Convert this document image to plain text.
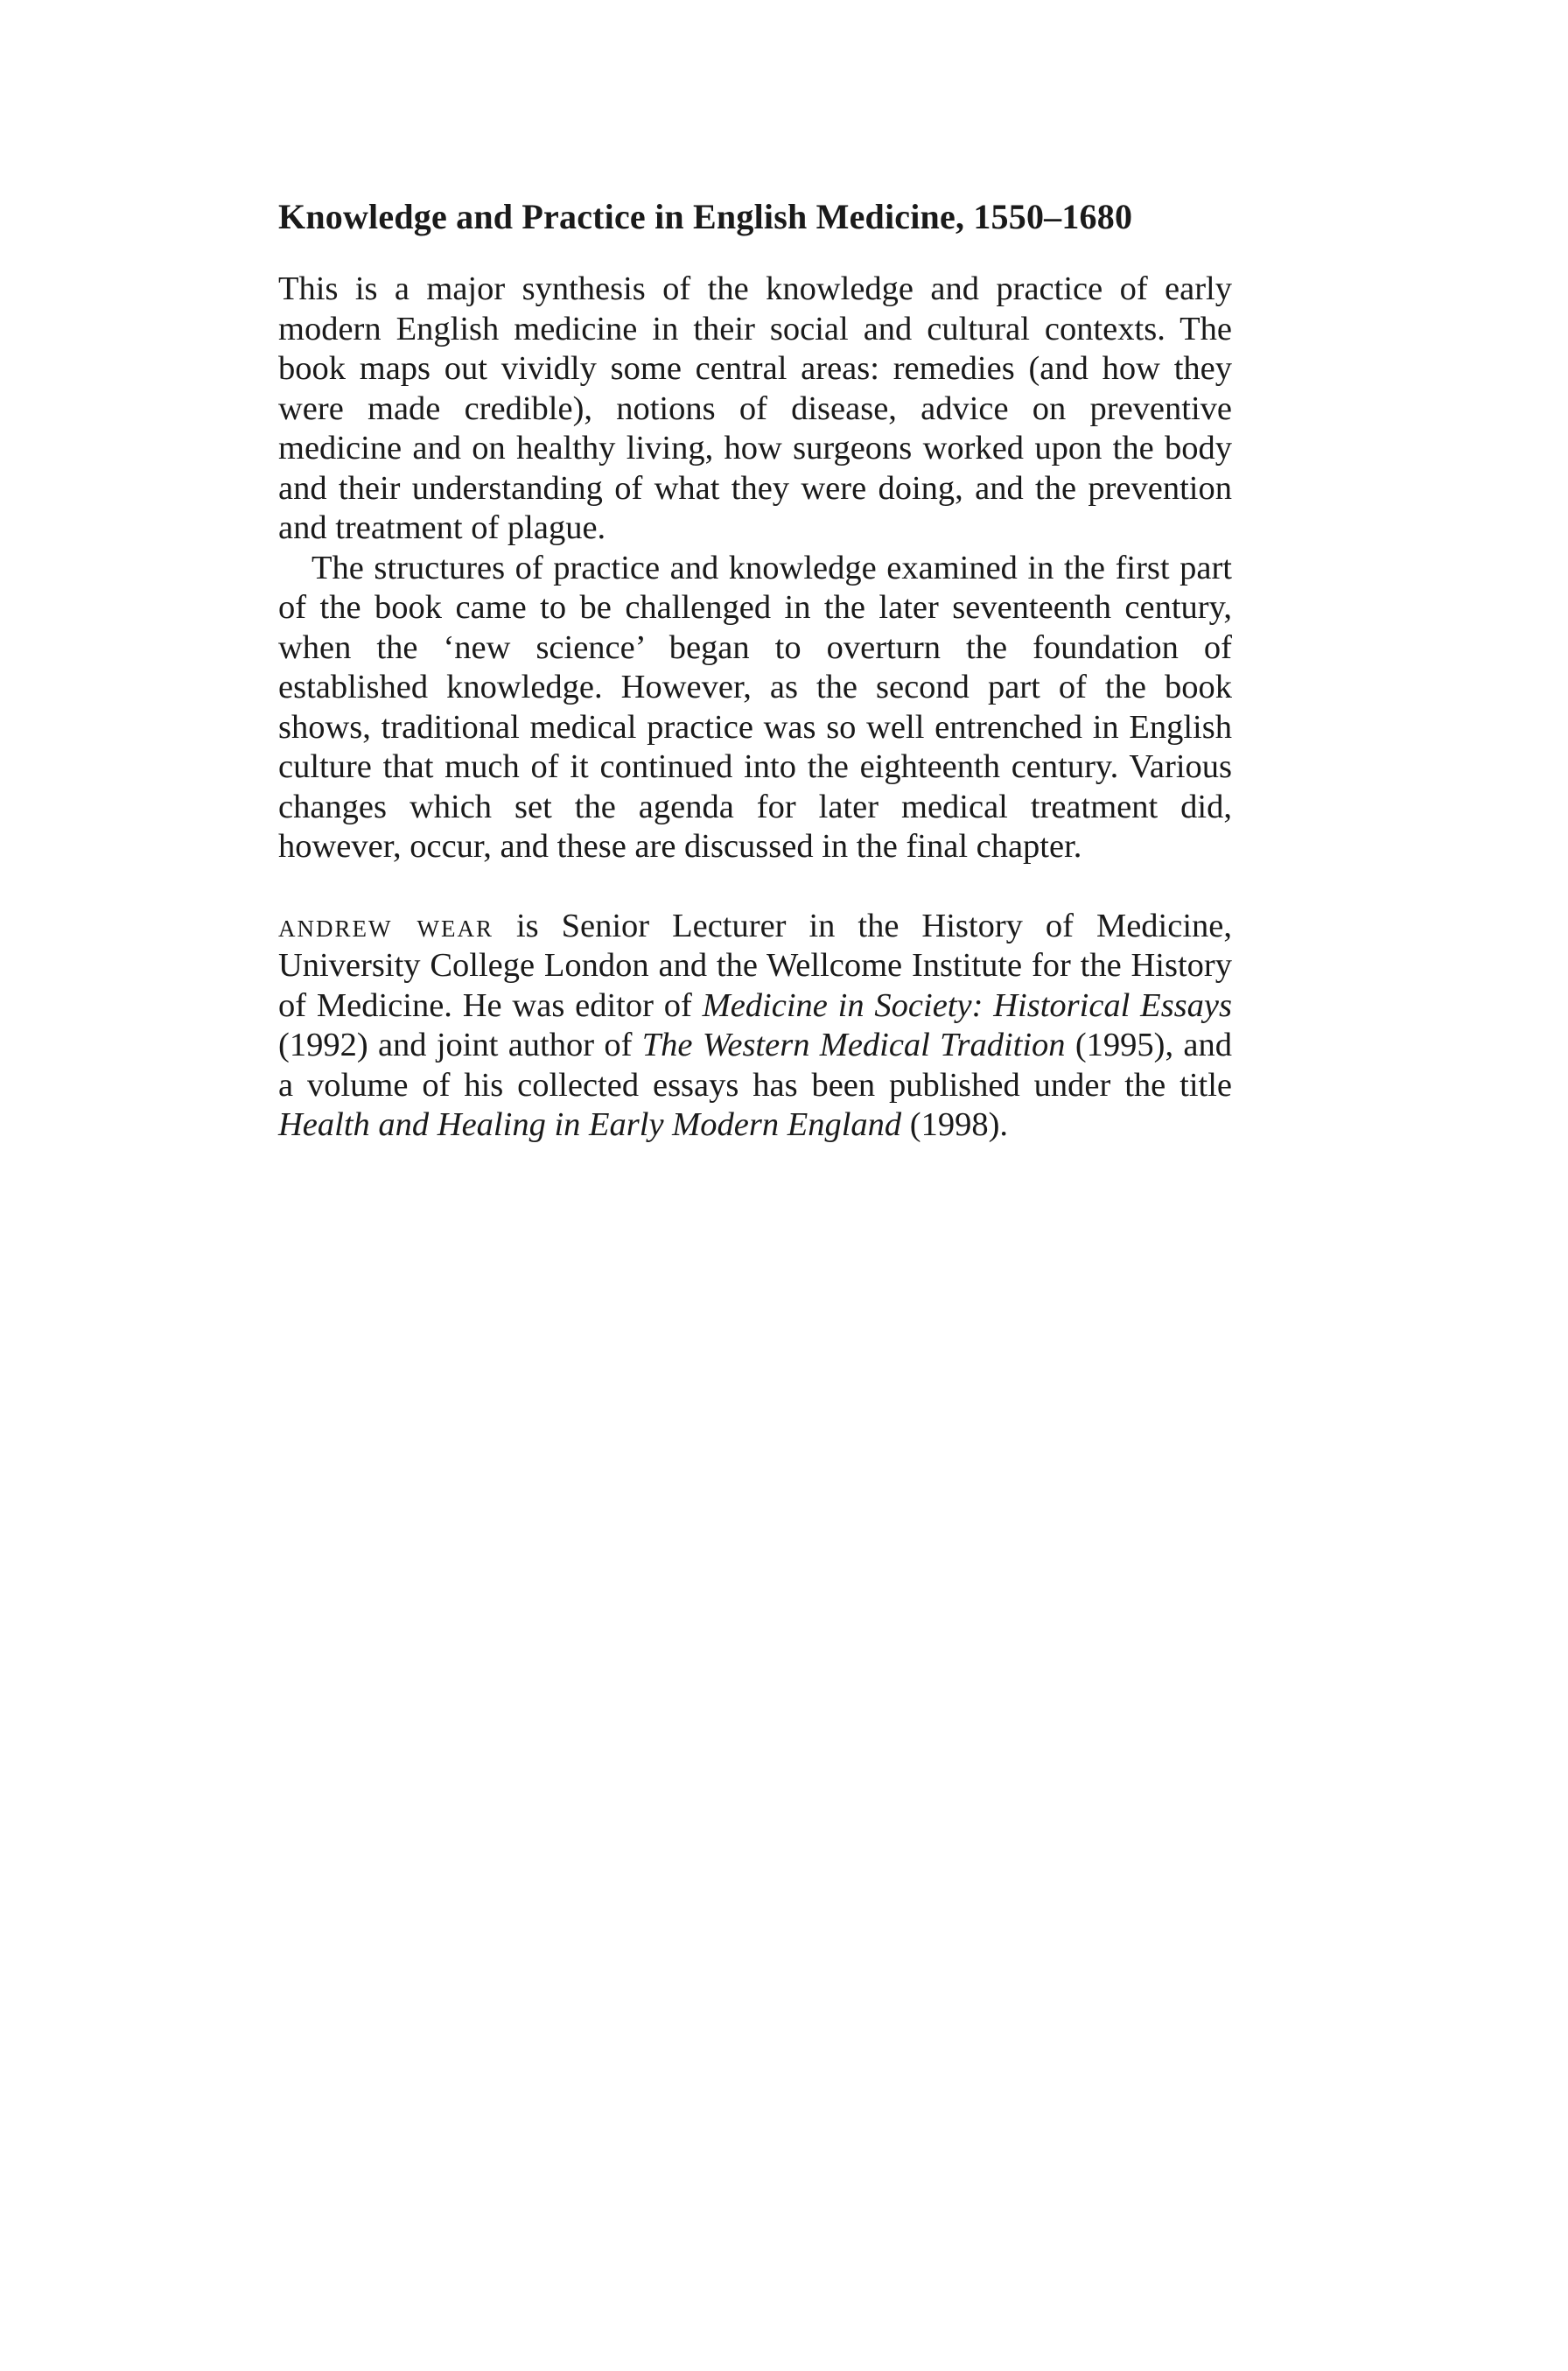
Knowledge and Practice in English Medicine, 1550–1680

This is a major synthesis of the knowledge and practice of early modern English medicine in their social and cultural contexts. The book maps out vividly some central areas: remedies (and how they were made credible), notions of disease, advice on preventive medicine and on healthy living, how surgeons worked upon the body and their understanding of what they were doing, and the prevention and treatment of plague.

The structures of practice and knowledge examined in the first part of the book came to be challenged in the later seventeenth century, when the ‘new science’ began to overturn the foundation of established knowledge. However, as the second part of the book shows, traditional medical practice was so well entrenched in English culture that much of it continued into the eighteenth century. Various changes which set the agenda for later medical treatment did, however, occur, and these are discussed in the final chapter.

andrew wear is Senior Lecturer in the History of Medicine, University College London and the Wellcome Institute for the History of Medicine. He was editor of Medicine in Society: Historical Essays (1992) and joint author of The Western Medical Tradition (1995), and a volume of his collected essays has been published under the title Health and Healing in Early Modern England (1998).
